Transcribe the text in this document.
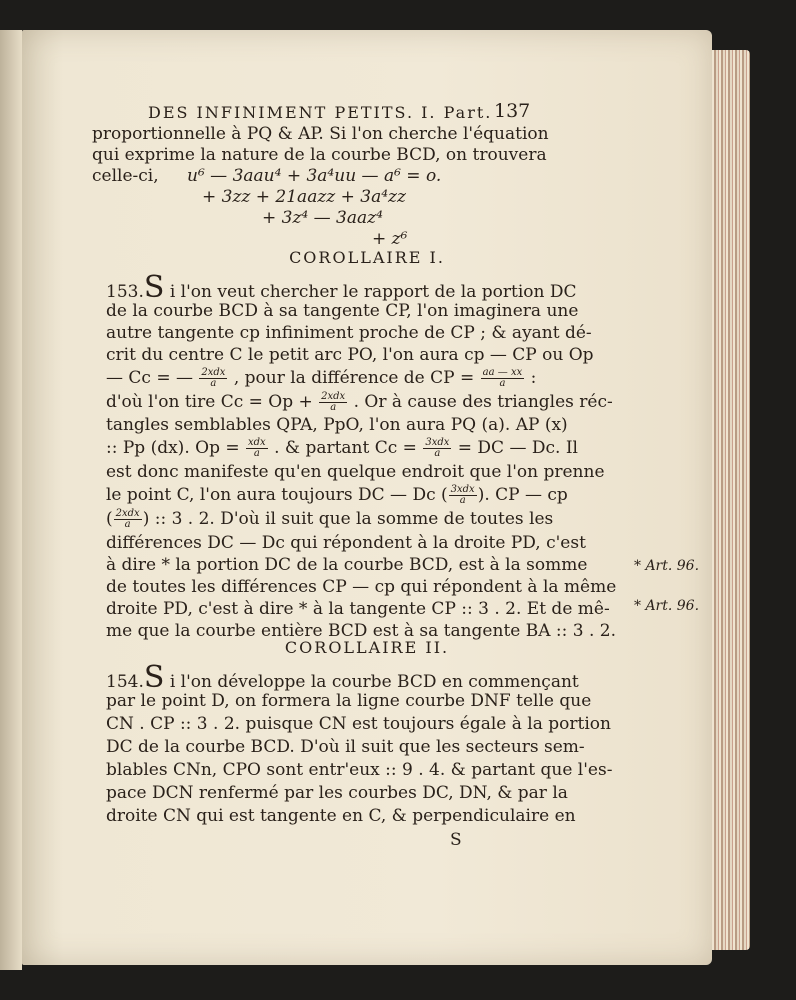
DES INFINIMENT PETITS. I. Part. 137
proportionnelle à PQ & AP. Si l'on cherche l'équation
qui exprime la nature de la courbe BCD, on trouvera
celle-ci, u⁶ — 3aau⁴ + 3a⁴uu — a⁶ = o.
+ 3zz + 21aazz + 3a⁴zz
+ 3z⁴ — 3aaz⁴
+ z⁶
COROLLAIRE I.
153.S i l'on veut chercher le rapport de la portion DC
de la courbe BCD à sa tangente CP, l'on imaginera une
autre tangente cp infiniment proche de CP ; & ayant dé-
crit du centre C le petit arc PO, l'on aura cp — CP ou Op
— Cc = — $\frac{\text{2xdx}}{a}$ , pour la différence de CP = $\frac{aa — xx}{a}$ :
d'où l'on tire $Cc = Op + \frac{\text{2xdx}}{a}$ . Or à cause des triangles réc-
tangles semblables QPA, PpO, l'on aura PQ (a). AP (x)
:: Pp (dx). $Op = \frac{\text{xdx}}{a}$ . & partant $Cc = \frac{\text{3xdx}}{a}$ = DC — Dc. Il
est donc manifeste qu'en quelque endroit que l'on prenne
le point C, l'on aura toujours DC — Dc ( $\frac{\text{3xdx}}{a}$ ). CP — cp
( $\frac{\text{2xdx}}{a}$ ) :: 3 . 2. D'où il suit que la somme de toutes les
différences DC — Dc qui répondent à la droite PD, c'est
à dire * la portion DC de la courbe BCD, est à la somme
de toutes les différences CP — cp qui répondent à la même
droite PD, c'est à dire * à la tangente CP :: 3 . 2. Et de mê-
me que la courbe entière BCD est à sa tangente BA :: 3 . 2.
* Art. 96.
* Art. 96.
COROLLAIRE II.
154.S i l'on développe la courbe BCD en commençant
par le point D, on formera la ligne courbe DNF telle que
CN . CP :: 3 . 2. puisque CN est toujours égale à la portion
DC de la courbe BCD. D'où il suit que les secteurs sem-
blables CNn, CPO sont entr'eux :: 9 . 4. & partant que l'es-
pace DCN renfermé par les courbes DC, DN, & par la
droite CN qui est tangente en C, & perpendiculaire en
S
